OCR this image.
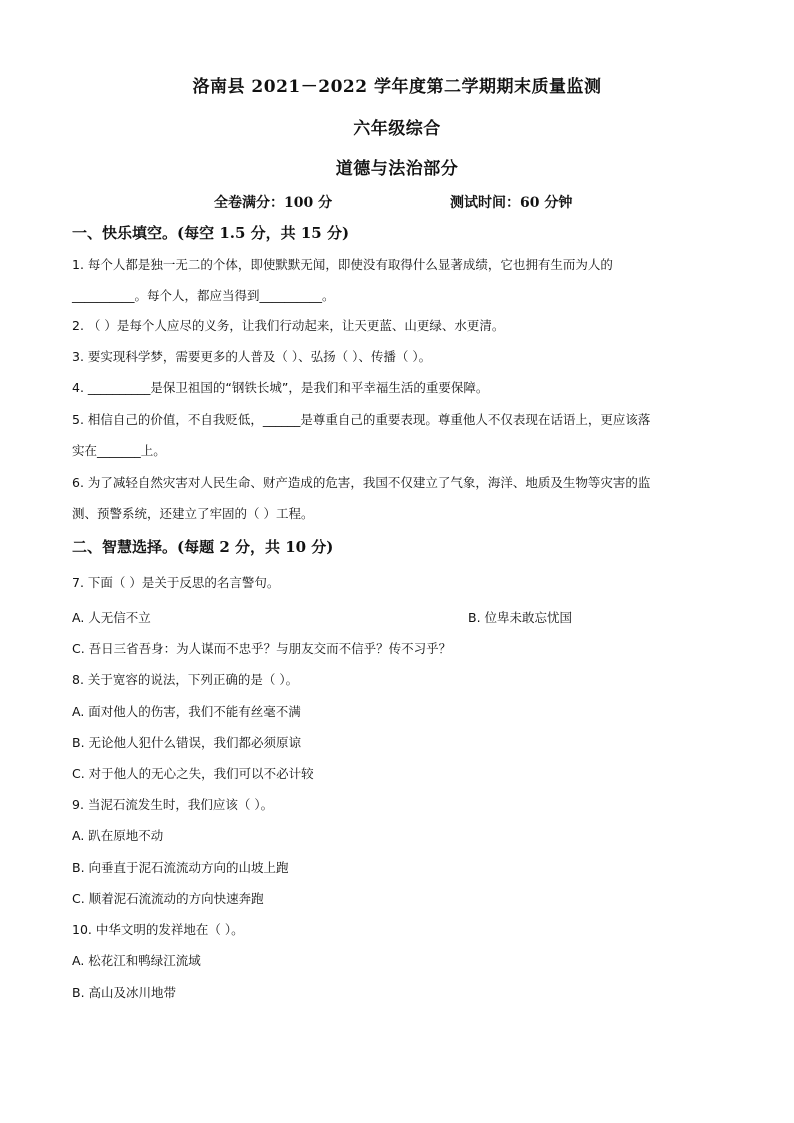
洛南县 2021－2022 学年度第二学期期末质量监测
六年级综合
道德与法治部分
全卷满分：100 分	测试时间：60 分钟
一、快乐填空。(每空 1.5 分，共 15 分)
1. 每个人都是独一无二的个体，即使默默无闻，即使没有取得什么显著成绩，它也拥有生而为人的
__________。每个人，都应当得到__________。
2. （ ）是每个人应尽的义务，让我们行动起来，让天更蓝、山更绿、水更清。
3. 要实现科学梦，需要更多的人普及（ ）、弘扬（ ）、传播（ ）。
4. __________是保卫祖国的“钢铁长城”，是我们和平幸福生活的重要保障。
5. 相信自己的价值，不自我贬低，______是尊重自己的重要表现。尊重他人不仅表现在话语上，更应该落
实在_______上。
6. 为了减轻自然灾害对人民生命、财产造成的危害，我国不仅建立了气象，海洋、地质及生物等灾害的监
测、预警系统，还建立了牢固的（ ）工程。
二、智慧选择。(每题 2 分，共 10 分)
7. 下面（ ）是关于反思的名言警句。
A. 人无信不立	B. 位卑未敢忘忧国
C. 吾日三省吾身：为人谋而不忠乎？与朋友交而不信乎？传不习乎？
8. 关于宽容的说法，下列正确的是（ ）。
A. 面对他人的伤害，我们不能有丝毫不满
B. 无论他人犯什么错误，我们都必须原谅
C. 对于他人的无心之失，我们可以不必计较
9. 当泥石流发生时，我们应该（ ）。
A. 趴在原地不动
B. 向垂直于泥石流流动方向的山坡上跑
C. 顺着泥石流流动的方向快速奔跑
10. 中华文明的发祥地在（ ）。
A. 松花江和鸭绿江流域
B. 高山及冰川地带
